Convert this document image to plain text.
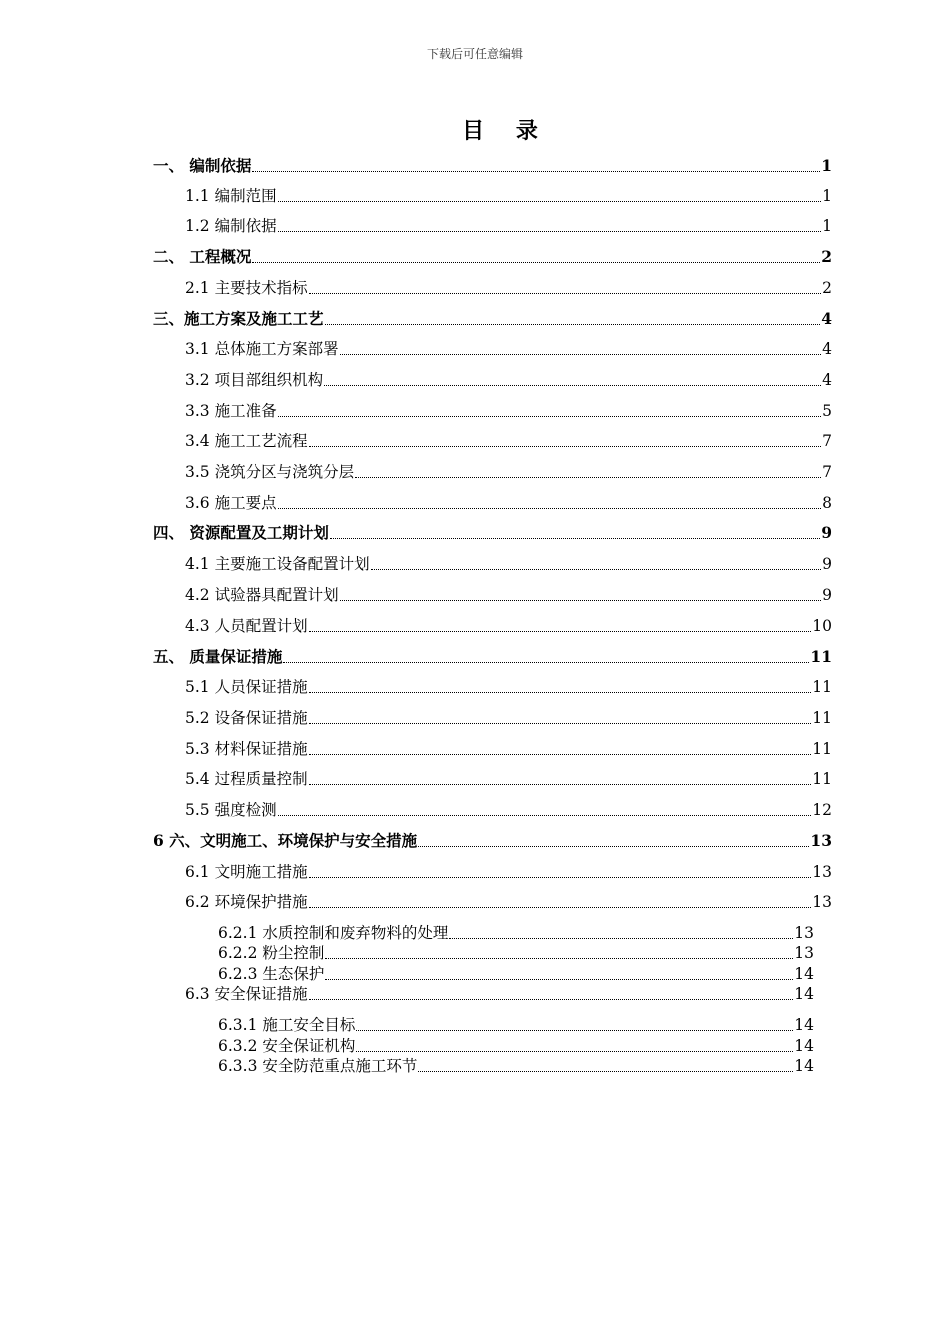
下载后可任意编辑
目 录
一、 编制依据	1
1.1 编制范围	1
1.2 编制依据	1
二、 工程概况	2
2.1 主要技术指标	2
三、施工方案及施工工艺	4
3.1 总体施工方案部署	4
3.2 项目部组织机构	4
3.3 施工准备	5
3.4 施工工艺流程	7
3.5 浇筑分区与浇筑分层	7
3.6 施工要点	8
四、 资源配置及工期计划	9
4.1 主要施工设备配置计划	9
4.2 试验器具配置计划	9
4.3 人员配置计划	10
五、 质量保证措施	11
5.1 人员保证措施	11
5.2 设备保证措施	11
5.3 材料保证措施	11
5.4 过程质量控制	11
5.5 强度检测	12
6 六、文明施工、环境保护与安全措施	13
6.1 文明施工措施	13
6.2 环境保护措施	13
6.2.1 水质控制和废弃物料的处理	13
6.2.2 粉尘控制	13
6.2.3 生态保护	14
6.3 安全保证措施	14
6.3.1 施工安全目标	14
6.3.2 安全保证机构	14
6.3.3 安全防范重点施工环节	14
